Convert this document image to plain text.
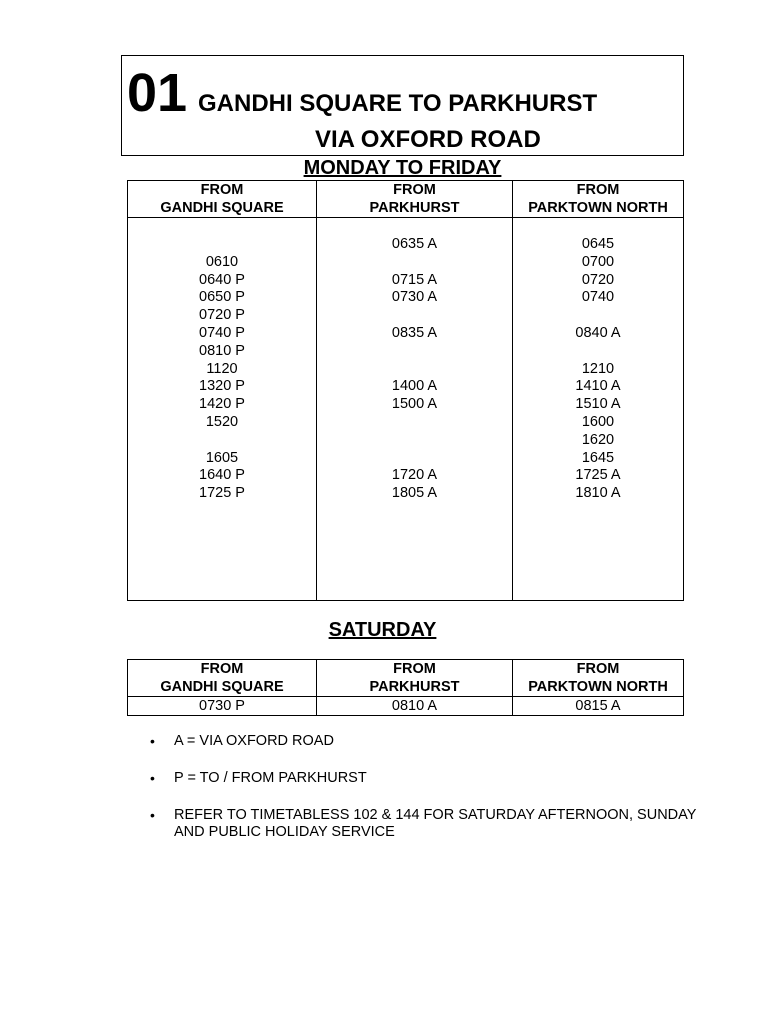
01 GANDHI SQUARE TO PARKHURST
VIA OXFORD ROAD
MONDAY TO FRIDAY
FROM
GANDHI SQUARE
0610
0640 P
0650 P
0720 P
0740 P
0810 P
1120
1320 P
1420 P
1520
1605
1640 P
1725 P
FROM
PARKHURST
0635 A
0715 A
0730 A
0835 A
1400 A
1500 A
1720 A
1805 A
FROM
PARKTOWN NORTH
0645
0700
0720
0740
0840 A
1210
1410 A
1510 A
1600
1620
1645
1725 A
1810 A
SATURDAY
FROM
GANDHI SQUARE
0730 P
FROM
PARKHURST
0810 A
FROM
PARKTOWN NORTH
0815 A
• A = VIA OXFORD ROAD
• P = TO / FROM PARKHURST
• REFER TO TIMETABLESS 102 & 144 FOR SATURDAY AFTERNOON, SUNDAY AND PUBLIC HOLIDAY SERVICE
